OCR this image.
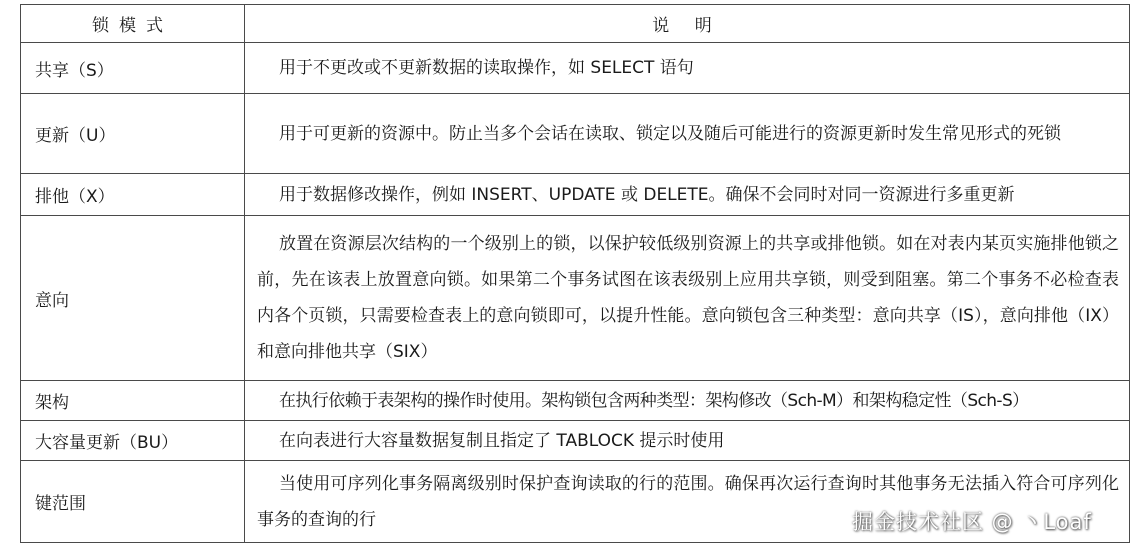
锁模式	说 明
共享（S）	用于不更改或不更新数据的读取操作，如 SELECT 语句
更新（U）	用于可更新的资源中。防止当多个会话在读取、锁定以及随后可能进行的资源更新时发生常见形式的死锁
排他（X）	用于数据修改操作，例如 INSERT、UPDATE 或 DELETE。确保不会同时对同一资源进行多重更新
意向	放置在资源层次结构的一个级别上的锁，以保护较低级别资源上的共享或排他锁。如在对表内某页实施排他锁之前，先在该表上放置意向锁。如果第二个事务试图在该表级别上应用共享锁，则受到阻塞。第二个事务不必检查表内各个页锁，只需要检查表上的意向锁即可，以提升性能。意向锁包含三种类型：意向共享（IS），意向排他（IX）和意向排他共享（SIX）
架构	在执行依赖于表架构的操作时使用。架构锁包含两种类型：架构修改（Sch-M）和架构稳定性（Sch-S）
大容量更新（BU）	在向表进行大容量数据复制且指定了 TABLOCK 提示时使用
键范围	当使用可序列化事务隔离级别时保护查询读取的行的范围。确保再次运行查询时其他事务无法插入符合可序列化事务的查询的行	掘金技术社区 @ 丶Loaf
